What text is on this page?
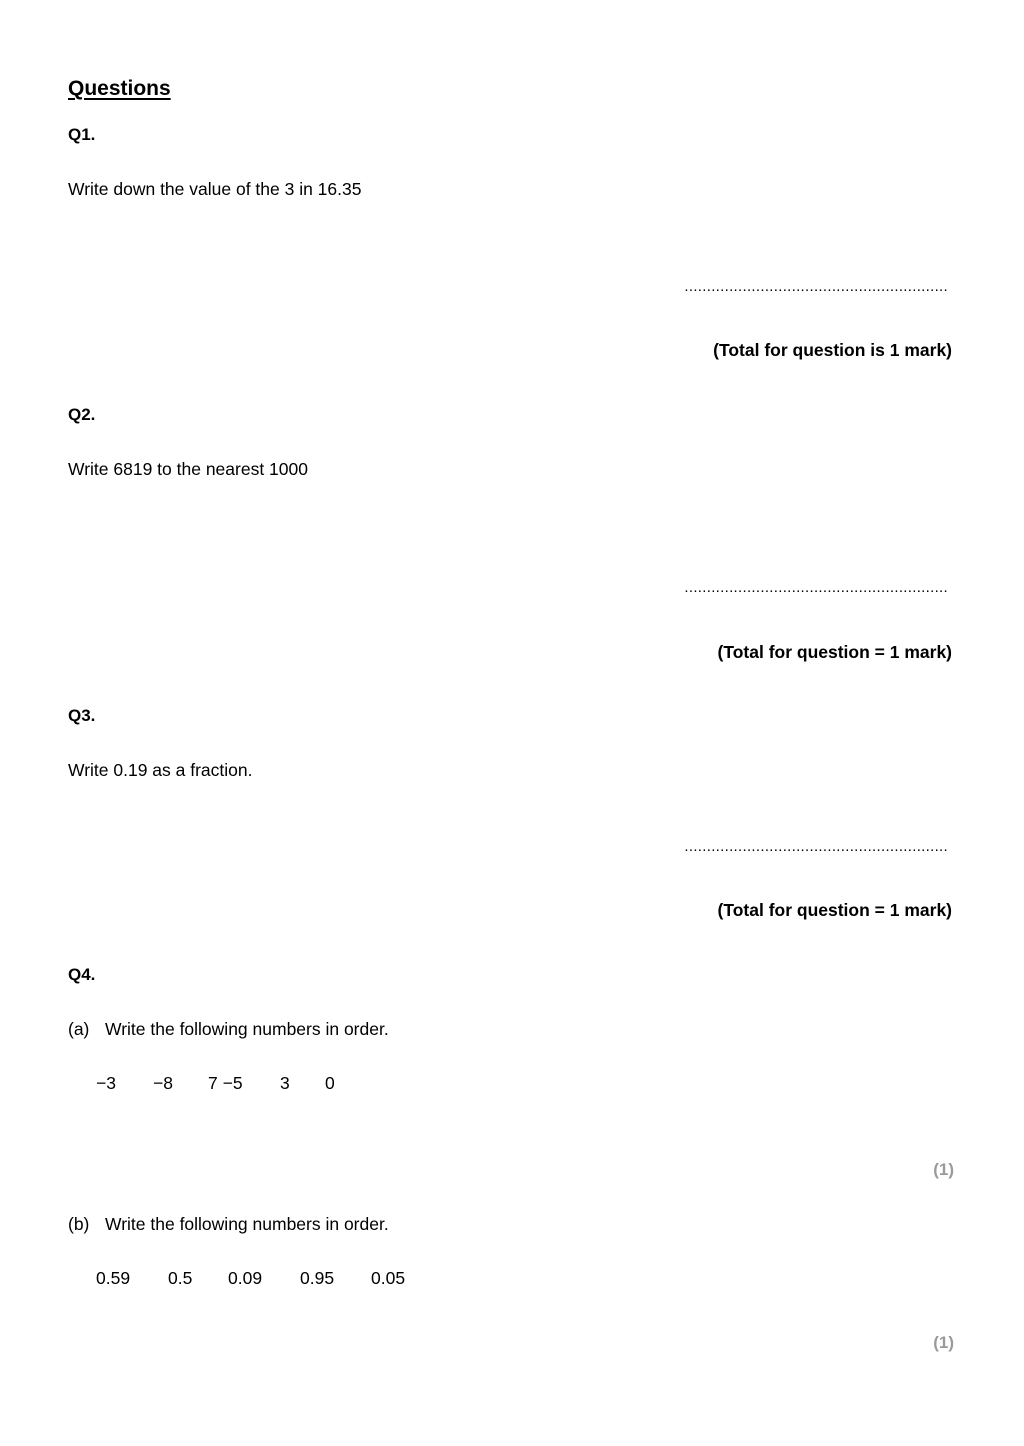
Questions
Q1.
Write down the value of the 3 in 16.35
...........................................................
(Total for question is 1 mark)
Q2.
Write 6819 to the nearest 1000
...........................................................
(Total for question = 1 mark)
Q3.
Write 0.19 as a fraction.
...........................................................
(Total for question = 1 mark)
Q4.
(a) Write the following numbers in order.
−3 −8 7 −5 3 0
(1)
(b) Write the following numbers in order.
0.59 0.5 0.09 0.95 0.05
(1)
